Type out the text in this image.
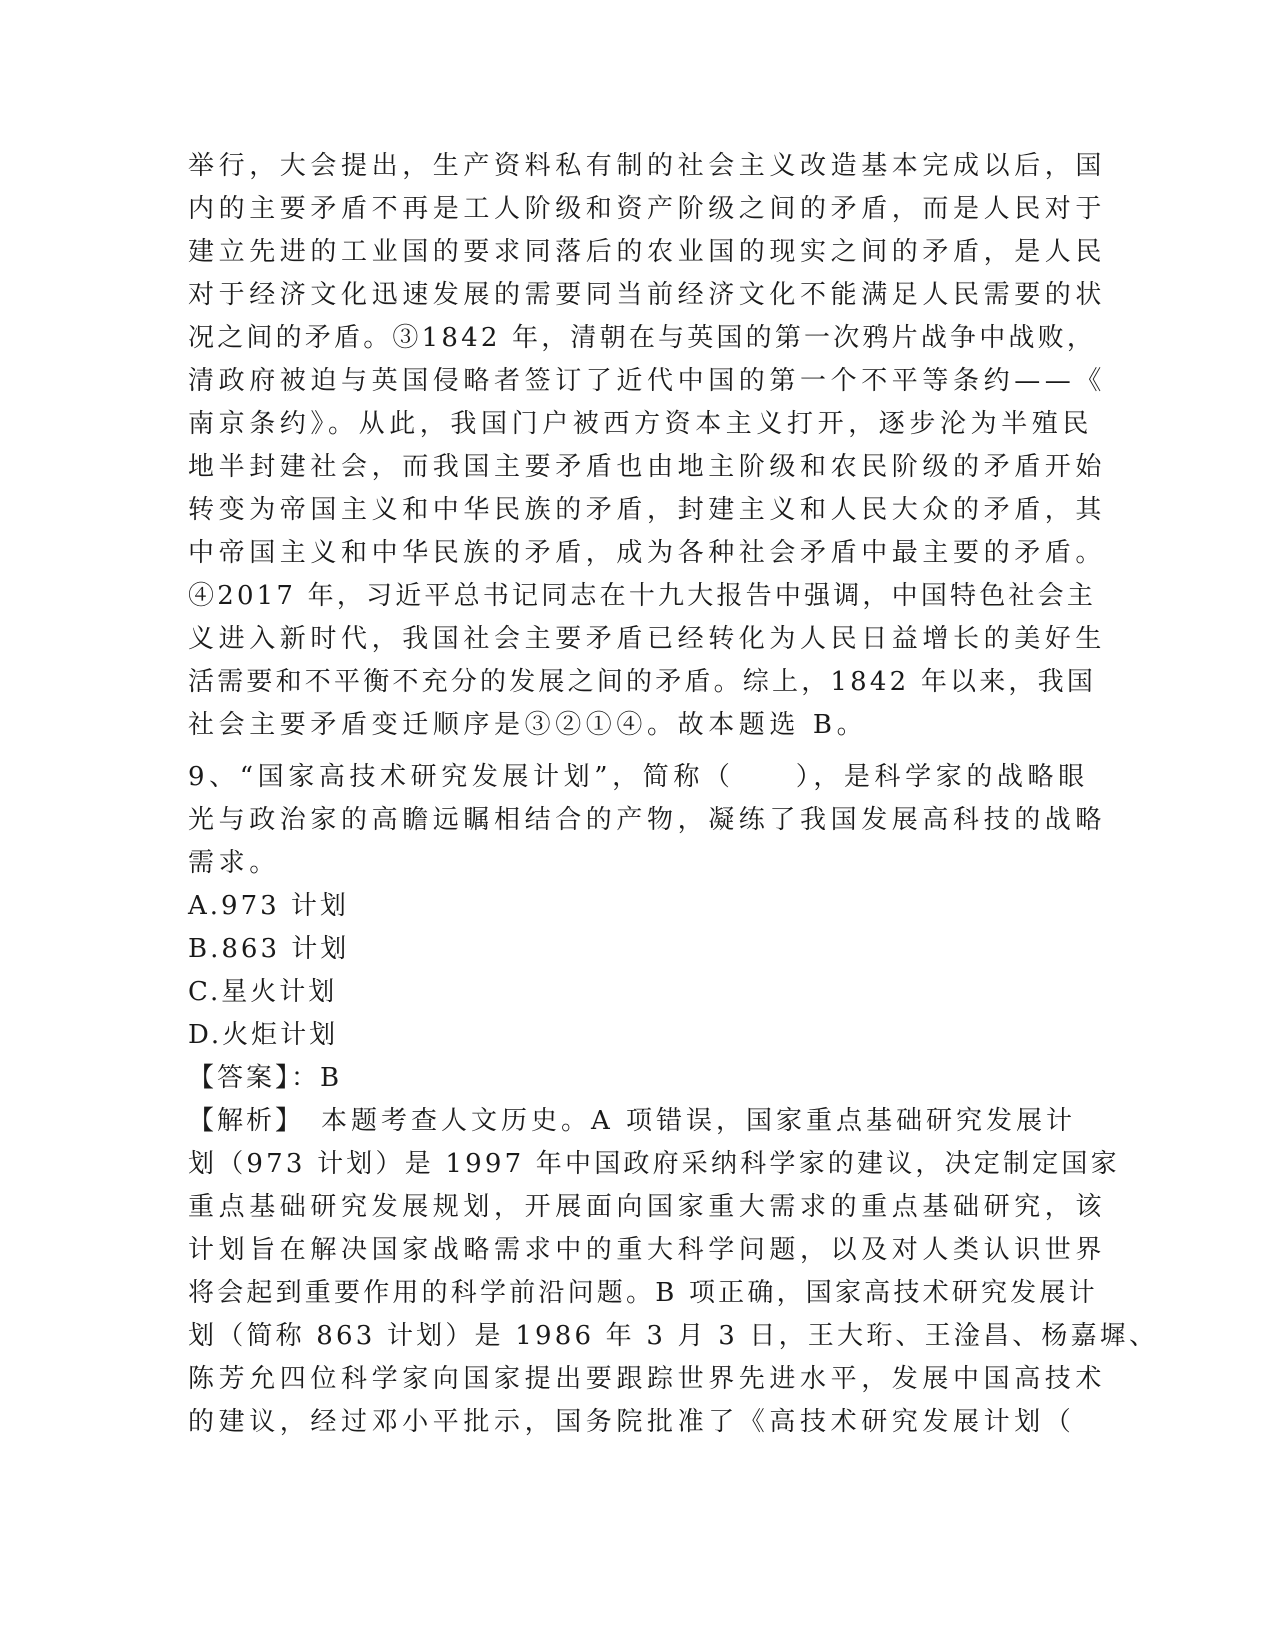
举行，大会提出，生产资料私有制的社会主义改造基本完成以后，国
内的主要矛盾不再是工人阶级和资产阶级之间的矛盾，而是人民对于
建立先进的工业国的要求同落后的农业国的现实之间的矛盾，是人民
对于经济文化迅速发展的需要同当前经济文化不能满足人民需要的状
况之间的矛盾。③1842 年，清朝在与英国的第一次鸦片战争中战败，
清政府被迫与英国侵略者签订了近代中国的第一个不平等条约——《
南京条约》。从此，我国门户被西方资本主义打开，逐步沦为半殖民
地半封建社会，而我国主要矛盾也由地主阶级和农民阶级的矛盾开始
转变为帝国主义和中华民族的矛盾，封建主义和人民大众的矛盾，其
中帝国主义和中华民族的矛盾，成为各种社会矛盾中最主要的矛盾。
④2017 年，习近平总书记同志在十九大报告中强调，中国特色社会主
义进入新时代，我国社会主要矛盾已经转化为人民日益增长的美好生
活需要和不平衡不充分的发展之间的矛盾。综上，1842 年以来，我国
社会主要矛盾变迁顺序是③②①④。故本题选 B。
9、“国家高技术研究发展计划”，简称（　　），是科学家的战略眼
光与政治家的高瞻远瞩相结合的产物，凝练了我国发展高科技的战略
需求。
A.973 计划
B.863 计划
C.星火计划
D.火炬计划
【答案】：B
【解析】　本题考查人文历史。A 项错误，国家重点基础研究发展计
划（973 计划）是 1997 年中国政府采纳科学家的建议，决定制定国家
重点基础研究发展规划，开展面向国家重大需求的重点基础研究，该
计划旨在解决国家战略需求中的重大科学问题，以及对人类认识世界
将会起到重要作用的科学前沿问题。B 项正确，国家高技术研究发展计
划（简称 863 计划）是 1986 年 3 月 3 日，王大珩、王淦昌、杨嘉墀、
陈芳允四位科学家向国家提出要跟踪世界先进水平，发展中国高技术
的建议，经过邓小平批示，国务院批准了《高技术研究发展计划（
